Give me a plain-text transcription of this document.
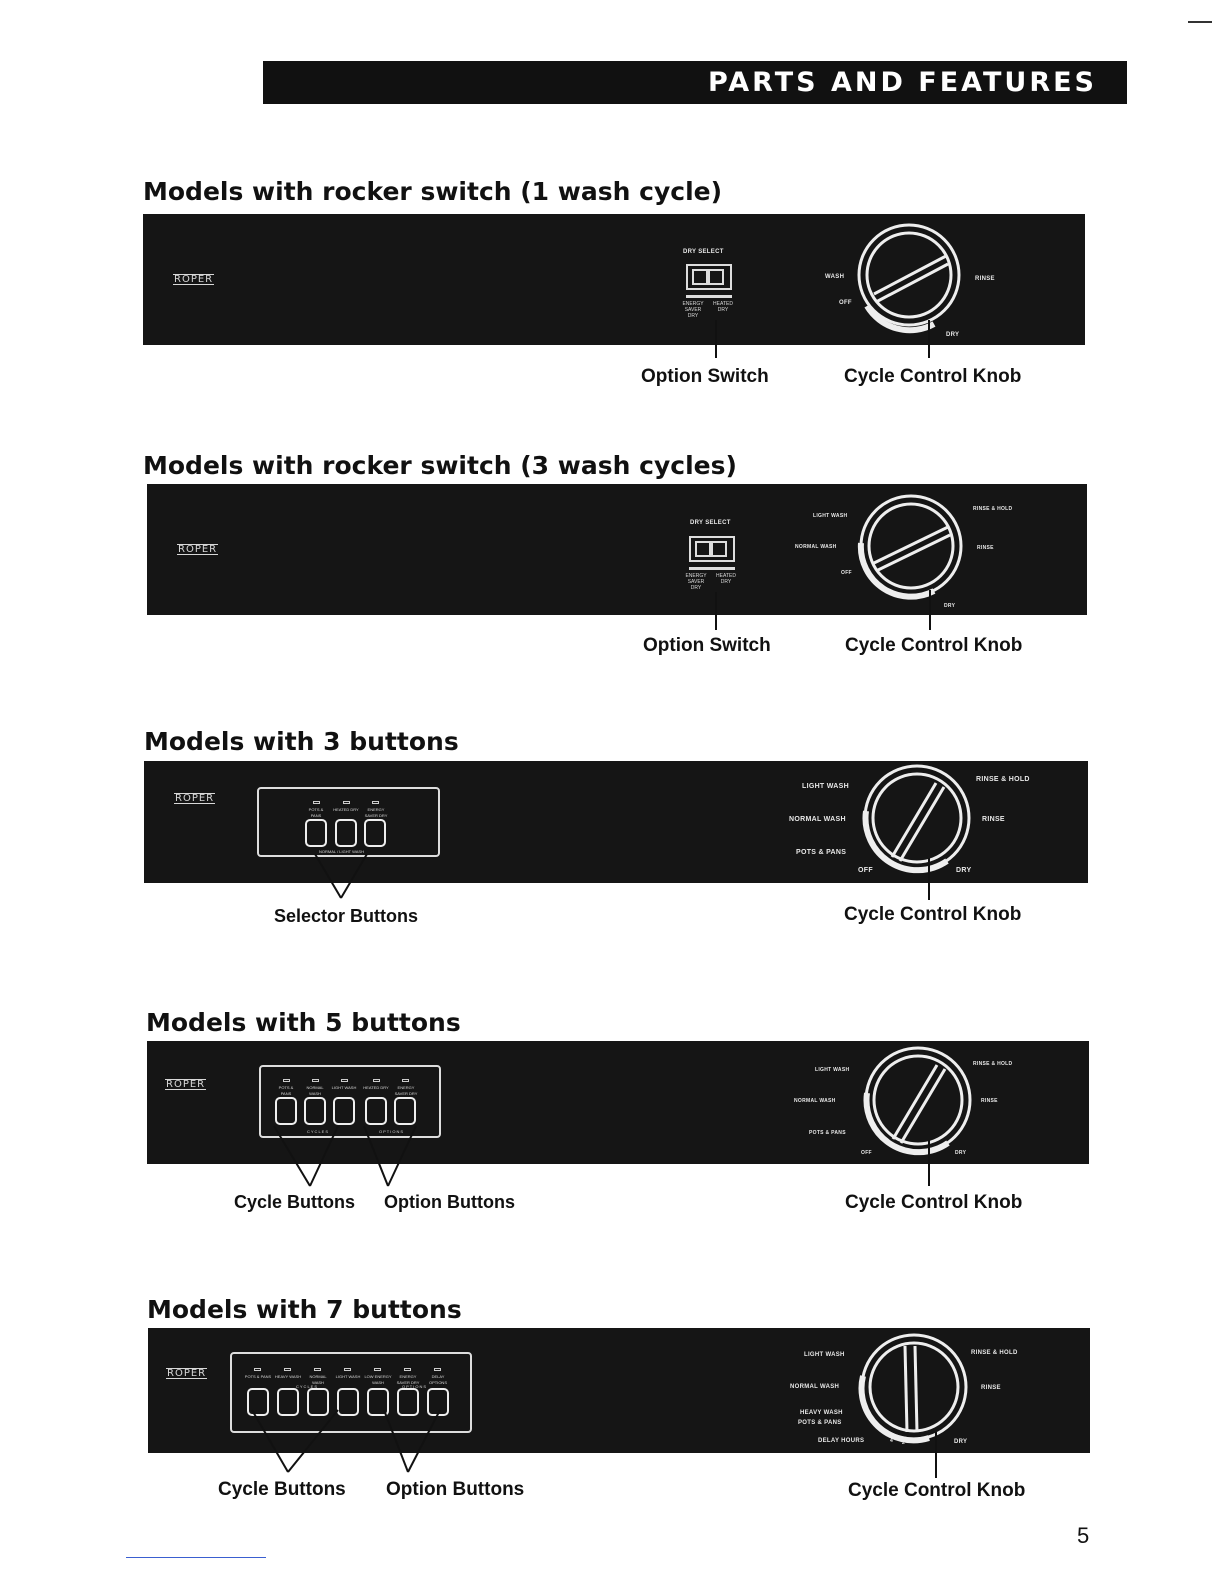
PARTS AND FEATURES
Models with rocker switch (1 wash cycle)
ROPER
DRY SELECT
ENERGY SAVER DRY
HEATED DRY
WASH
OFF
RINSE
DRY
Option Switch	Cycle Control Knob
Models with rocker switch (3 wash cycles)
ROPER
DRY SELECT
ENERGY SAVER DRY
HEATED DRY
LIGHT WASH
NORMAL WASH
OFF
RINSE & HOLD
RINSE
DRY
Option Switch	Cycle Control Knob
Models with 3 buttons
ROPER
POTS & PANS
HEATED DRY	ENERGY SAVER DRY
NORMAL / LIGHT WASH
LIGHT WASH
NORMAL WASH
POTS & PANS
OFF
RINSE & HOLD
RINSE
DRY
Selector Buttons	Cycle Control Knob
Models with 5 buttons
ROPER	POTS & PANS
NORMAL WASH
LIGHT WASH HEATED DRY	ENERGY SAVER DRY
CYCLES	OPTIONS
LIGHT WASH
NORMAL WASH
POTS & PANS
OFF
RINSE & HOLD
RINSE
DRY
Cycle Buttons Option Buttons	Cycle Control Knob
Models with 7 buttons
ROPER	POTS & PANS HEAVY WASH	NORMAL WASH
LIGHT WASH	LOW ENERGY WASH
ENERGY SAVER DRY
DELAY OPTIONS
CYCLES	OPTIONS
LIGHT WASH
NORMAL WASH
HEAVY WASH
POTS & PANS
DELAY HOURS	4 2
RINSE & HOLD
RINSE
DRY
Cycle Buttons Option Buttons	Cycle Control Knob

5
